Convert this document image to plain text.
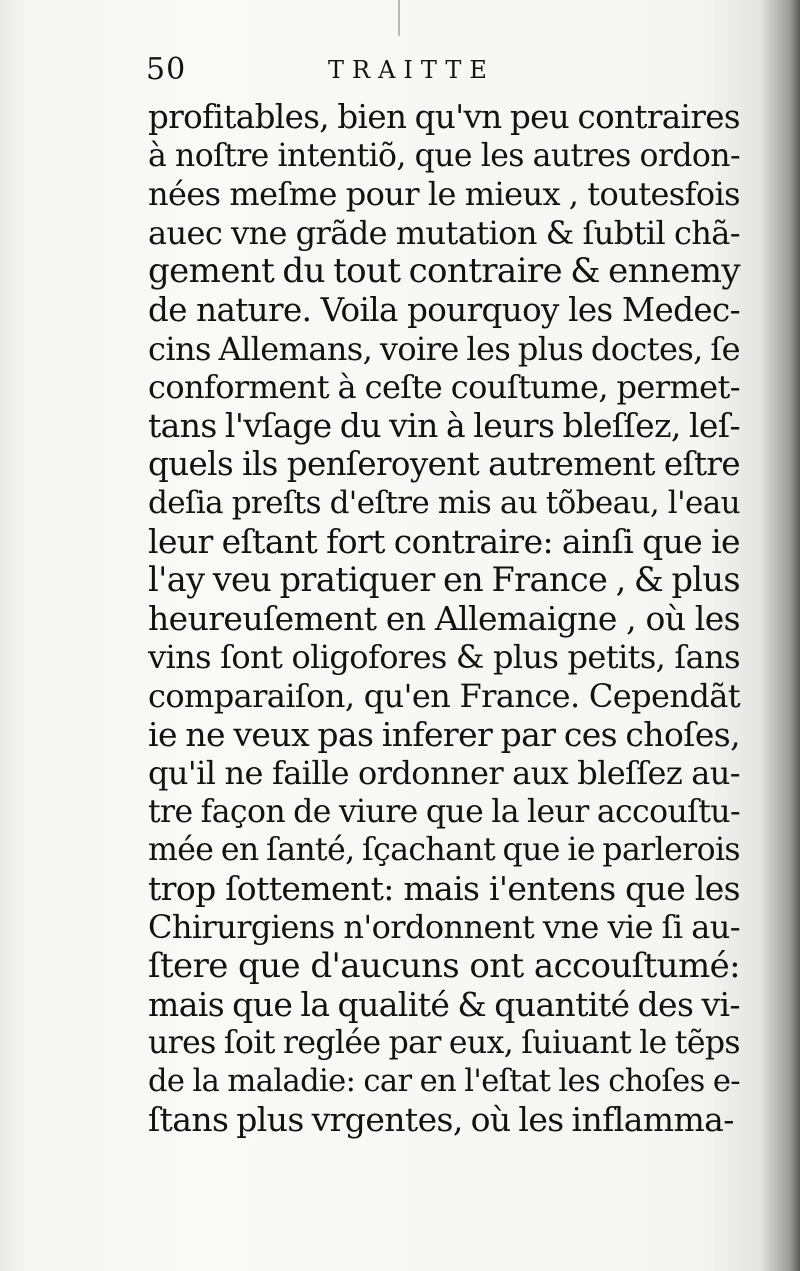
50	TRAITTE
profitables, bien qu'vn peu contraires
à noſtre intentiõ, que les autres ordon-
nées meſme pour le mieux , toutesfois
auec vne grãde mutation & ſubtil chã-
gement du tout contraire & ennemy
de nature. Voila pourquoy les Medec-
cins Allemans, voire les plus doctes, ſe
conforment à ceſte couſtume, permet-
tans l'vſage du vin à leurs bleſſez, leſ-
quels ils penſeroyent autrement eſtre
deſia preſts d'eſtre mis au tõbeau, l'eau
leur eſtant fort contraire: ainſi que ie
l'ay veu pratiquer en France , & plus
heureuſement en Allemaigne , où les
vins ſont oligofores & plus petits, ſans
comparaiſon, qu'en France. Cependãt
ie ne veux pas inferer par ces choſes,
qu'il ne faille ordonner aux bleſſez au-
tre façon de viure que la leur accouſtu-
mée en ſanté, ſçachant que ie parlerois
trop ſottement: mais i'entens que les
Chirurgiens n'ordonnent vne vie ſi au-
ſtere que d'aucuns ont accouſtumé:
mais que la qualité & quantité des vi-
ures ſoit reglée par eux, ſuiuant le tẽps
de la maladie: car en l'eſtat les choſes e-
ſtans plus vrgentes, où les inflamma-
